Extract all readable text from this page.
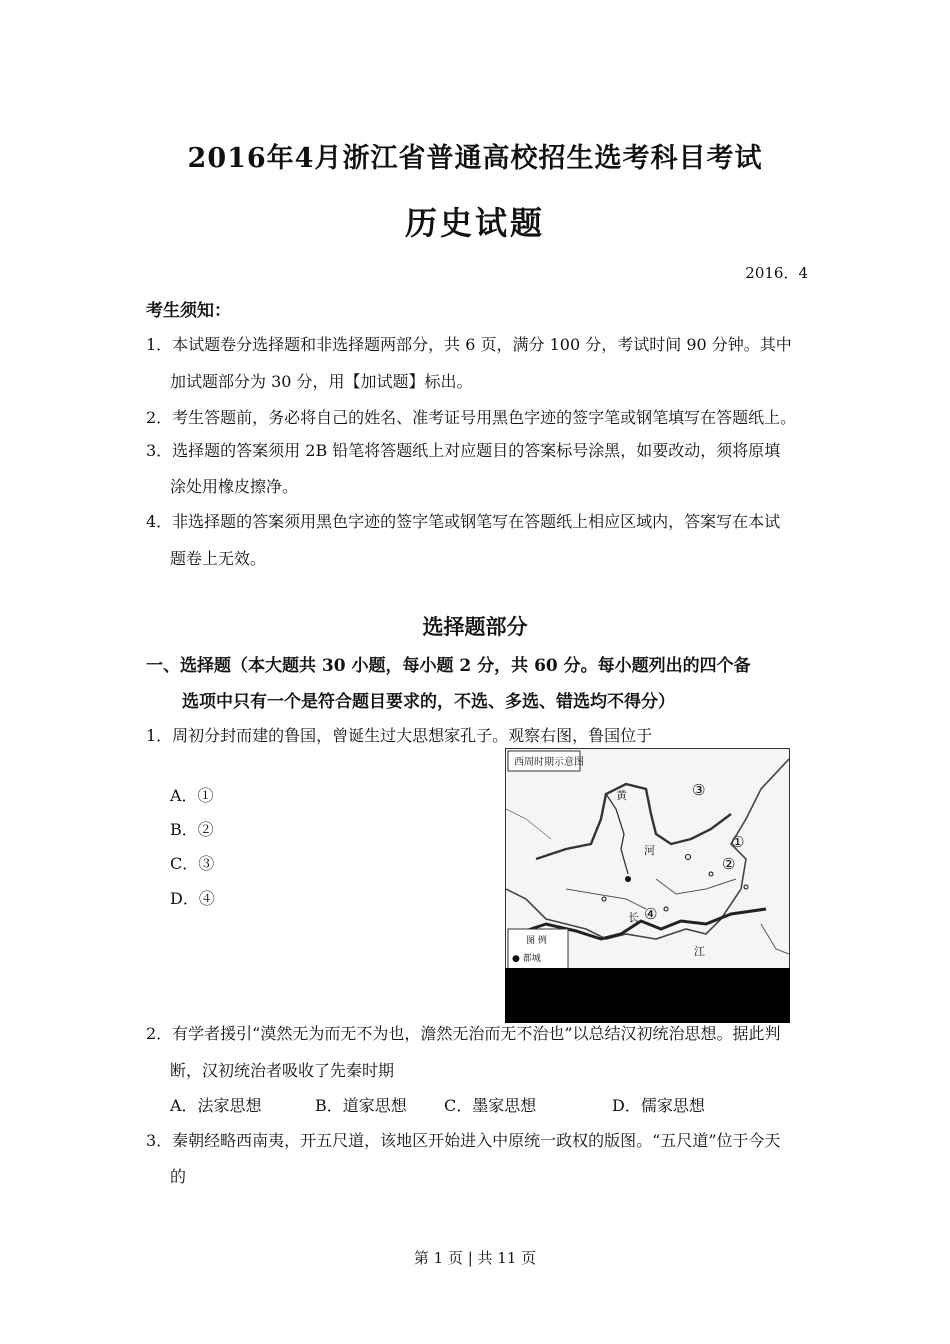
2016年4月浙江省普通高校招生选考科目考试
历史试题
2016．4
考生须知：
1．本试题卷分选择题和非选择题两部分，共 6 页，满分 100 分，考试时间 90 分钟。其中
加试题部分为 30 分，用【加试题】标出。
2．考生答题前，务必将自己的姓名、准考证号用黑色字迹的签字笔或钢笔填写在答题纸上。
3．选择题的答案须用 2B 铅笔将答题纸上对应题目的答案标号涂黑，如要改动，须将原填
涂处用橡皮擦净。
4．非选择题的答案须用黑色字迹的签字笔或钢笔写在答题纸上相应区域内，答案写在本试
题卷上无效。
选择题部分
一、选择题（本大题共 30 小题，每小题 2 分，共 60 分。每小题列出的四个备
选项中只有一个是符合题目要求的，不选、多选、错选均不得分）
1．周初分封而建的鲁国，曾诞生过大思想家孔子。观察右图，鲁国位于
A．①
B．②
C．③
D．④
西周时期示意图
图 例
● 都城
黄
河
长
江
①
②
③
④
2．有学者援引“漠然无为而无不为也，澹然无治而无不治也”以总结汉初统治思想。据此判
断，汉初统治者吸收了先秦时期
A．法家思想	B．道家思想 C．墨家思想	D．儒家思想
3．秦朝经略西南夷，开五尺道，该地区开始进入中原统一政权的版图。“五尺道”位于今天
的
第 1 页 | 共 11 页
